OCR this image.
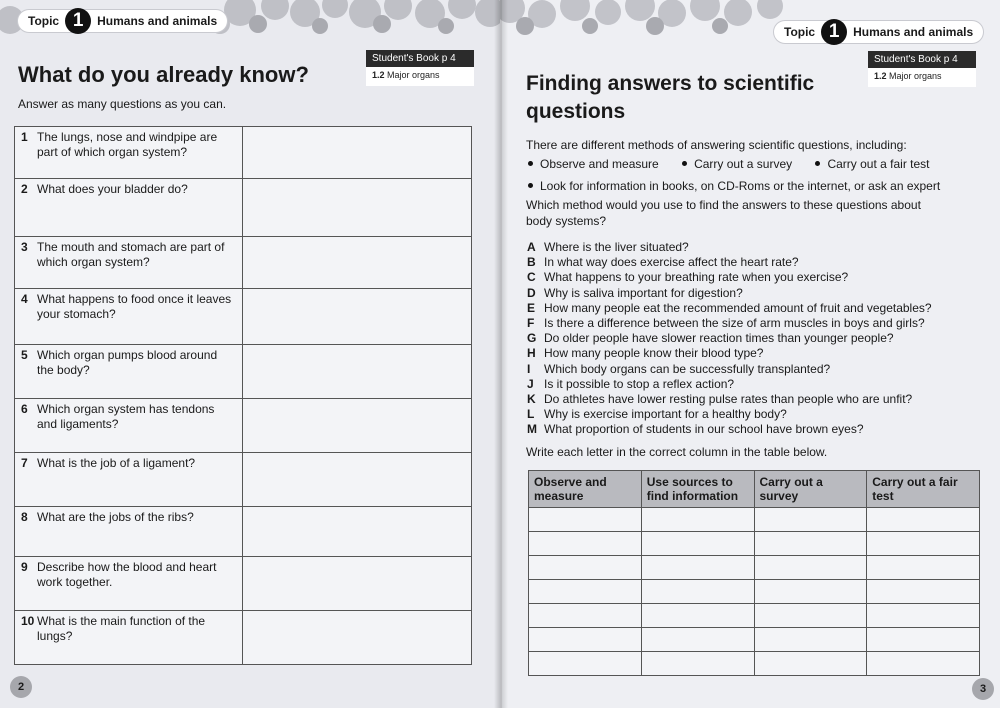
Topic 1	Humans and animals
Student's Book p 4
1.2 Major organs
What do you already know?
Answer as many questions as you can.
1 The lungs, nose and windpipe are part of which organ system?	
2 What does your bladder do?	
3 The mouth and stomach are part of which organ system?	
4 What happens to food once it leaves your stomach?	
5 Which organ pumps blood around the body?	
6 Which organ system has tendons and ligaments?	
7 What is the job of a ligament?	
8 What are the jobs of the ribs?	
9 Describe how the blood and heart work together.	
10 What is the main function of the lungs?	
2
Topic 1	Humans and animals
Student's Book p 4
1.2 Major organs
Finding answers to scientific questions
There are different methods of answering scientific questions, including:
Observe and measure	Carry out a survey	Carry out a fair test
Look for information in books, on CD-Roms or the internet, or ask an expert
Which method would you use to find the answers to these questions about body systems?
A Where is the liver situated?
B In what way does exercise affect the heart rate?
C What happens to your breathing rate when you exercise?
D Why is saliva important for digestion?
E How many people eat the recommended amount of fruit and vegetables?
F Is there a difference between the size of arm muscles in boys and girls?
G Do older people have slower reaction times than younger people?
H How many people know their blood type?
I Which body organs can be successfully transplanted?
J Is it possible to stop a reflex action?
K Do athletes have lower resting pulse rates than people who are unfit?
L Why is exercise important for a healthy body?
M What proportion of students in our school have brown eyes?
Write each letter in the correct column in the table below.
3
Observe and measure	Use sources to find information	Carry out a survey	Carry out a fair test
